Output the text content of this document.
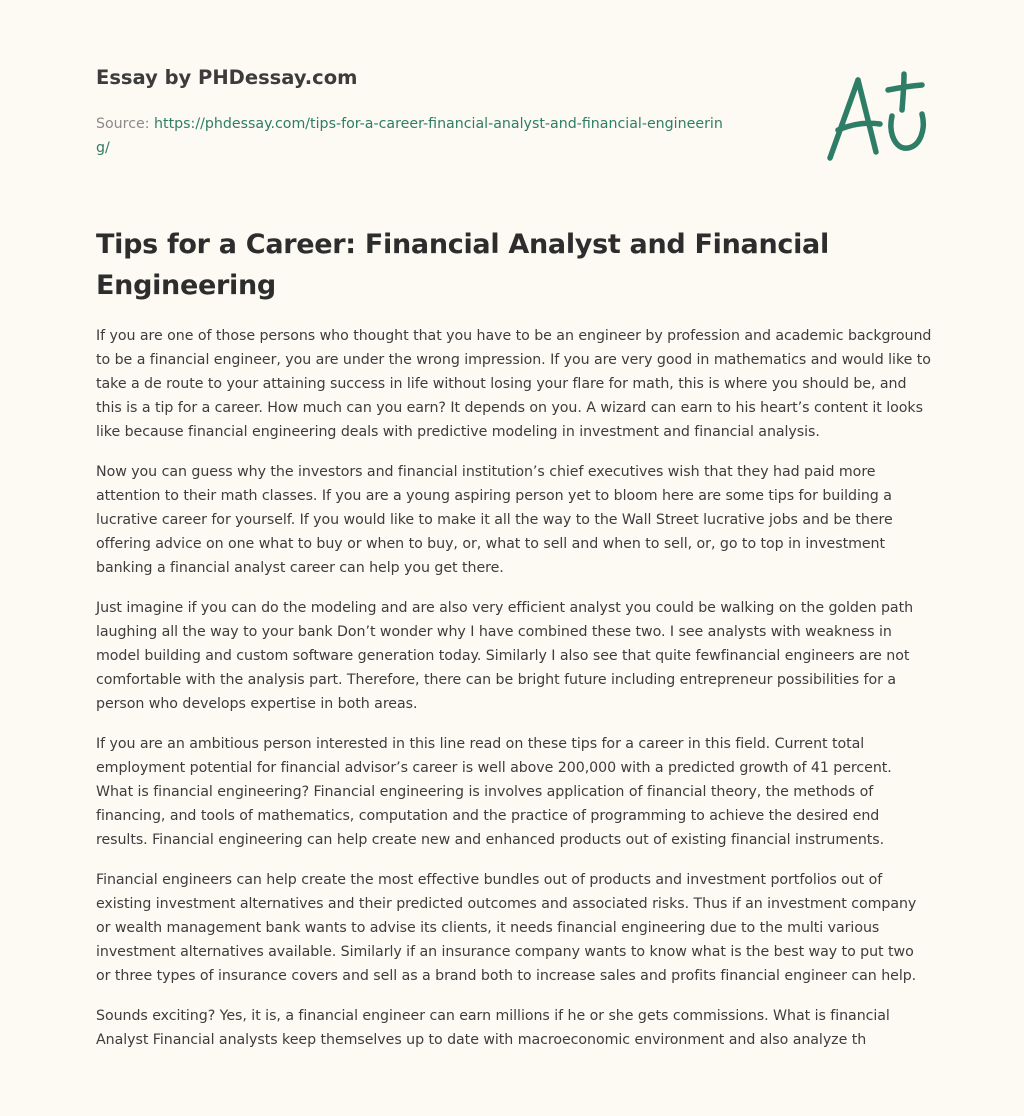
Essay by PHDessay.com
Source: https://phdessay.com/tips-for-a-career-financial-analyst-and-financial-engineering/
Tips for a Career: Financial Analyst and Financial Engineering

If you are one of those persons who thought that you have to be an engineer by profession and academic background to be a financial engineer, you are under the wrong impression. If you are very good in mathematics and would like to take a de route to your attaining success in life without losing your flare for math, this is where you should be, and this is a tip for a career. How much can you earn? It depends on you. A wizard can earn to his heart’s content it looks like because financial engineering deals with predictive modeling in investment and financial analysis.

Now you can guess why the investors and financial institution’s chief executives wish that they had paid more attention to their math classes. If you are a young aspiring person yet to bloom here are some tips for building a lucrative career for yourself. If you would like to make it all the way to the Wall Street lucrative jobs and be there offering advice on one what to buy or when to buy, or, what to sell and when to sell, or, go to top in investment banking a financial analyst career can help you get there.

Just imagine if you can do the modeling and are also very efficient analyst you could be walking on the golden path laughing all the way to your bank Don’t wonder why I have combined these two. I see analysts with weakness in model building and custom software generation today. Similarly I also see that quite fewfinancial engineers are not comfortable with the analysis part. Therefore, there can be bright future including entrepreneur possibilities for a person who develops expertise in both areas.

If you are an ambitious person interested in this line read on these tips for a career in this field. Current total employment potential for financial advisor’s career is well above 200,000 with a predicted growth of 41 percent. What is financial engineering? Financial engineering is involves application of financial theory, the methods of financing, and tools of mathematics, computation and the practice of programming to achieve the desired end results. Financial engineering can help create new and enhanced products out of existing financial instruments.

Financial engineers can help create the most effective bundles out of products and investment portfolios out of existing investment alternatives and their predicted outcomes and associated risks. Thus if an investment company or wealth management bank wants to advise its clients, it needs financial engineering due to the multi various investment alternatives available. Similarly if an insurance company wants to know what is the best way to put two or three types of insurance covers and sell as a brand both to increase sales and profits financial engineer can help.

Sounds exciting? Yes, it is, a financial engineer can earn millions if he or she gets commissions. What is financial Analyst Financial analysts keep themselves up to date with macroeconomic environment and also analyze th
